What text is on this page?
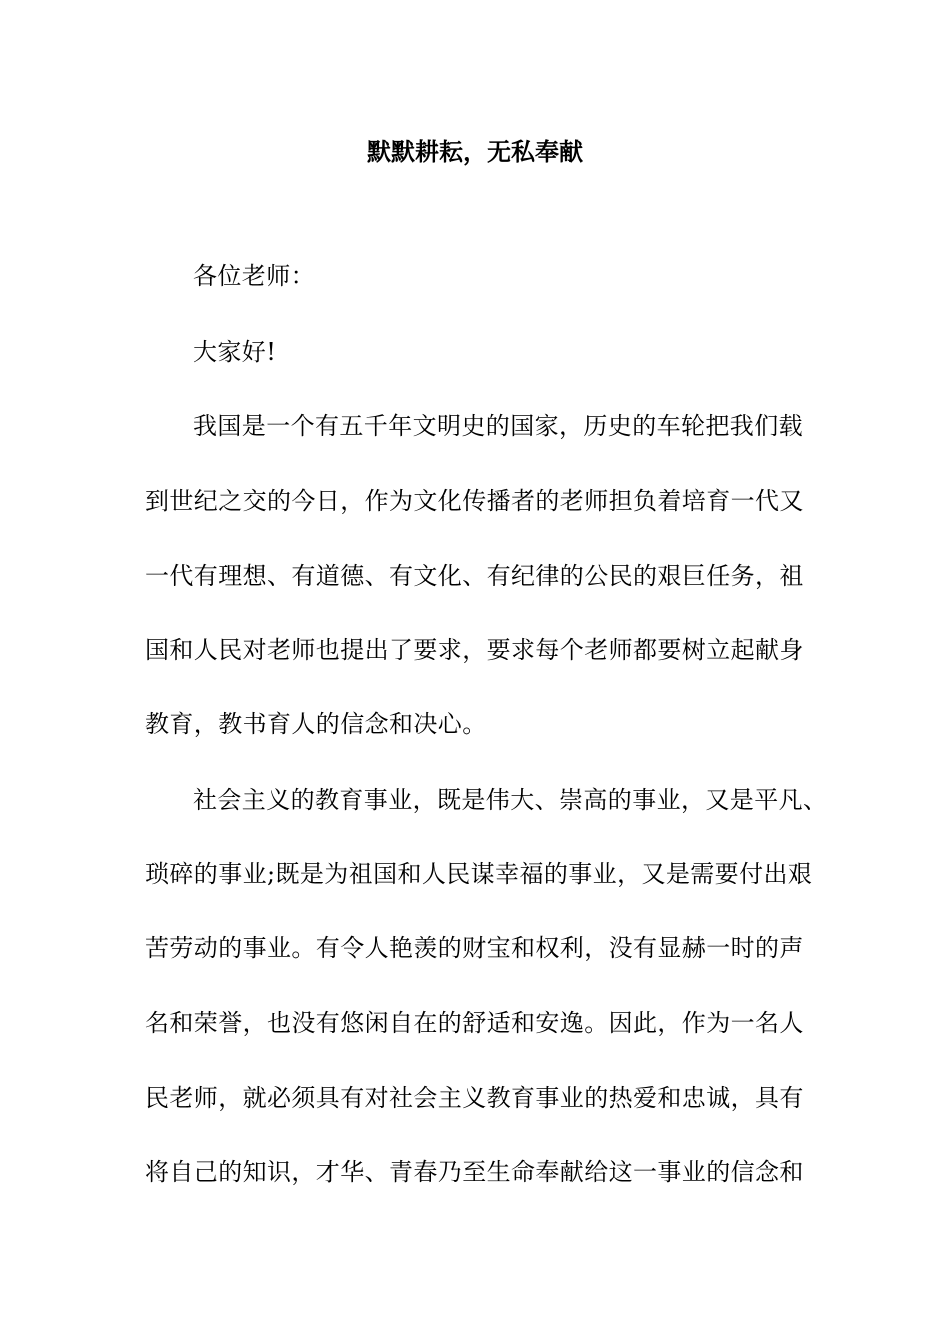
默默耕耘，无私奉献

各位老师：

大家好!

我国是一个有五千年文明史的国家，历史的车轮把我们载

到世纪之交的今日，作为文化传播者的老师担负着培育一代又

一代有理想、有道德、有文化、有纪律的公民的艰巨任务，祖

国和人民对老师也提出了要求，要求每个老师都要树立起献身

教育，教书育人的信念和决心。

社会主义的教育事业，既是伟大、崇高的事业，又是平凡、

琐碎的事业;既是为祖国和人民谋幸福的事业，又是需要付出艰

苦劳动的事业。有令人艳羡的财宝和权利，没有显赫一时的声

名和荣誉，也没有悠闲自在的舒适和安逸。因此，作为一名人

民老师，就必须具有对社会主义教育事业的热爱和忠诚，具有

将自己的知识，才华、青春乃至生命奉献给这一事业的信念和
